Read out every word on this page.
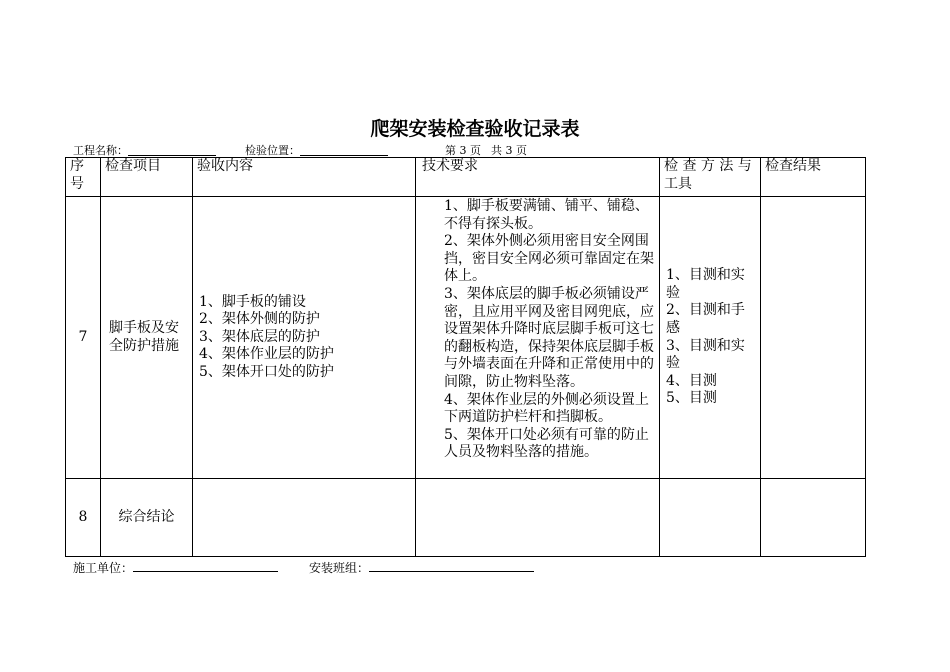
爬架安装检查验收记录表
工程名称：	检验位置：	第 3 页 共 3 页
序号	检查项目	验收内容	技术要求	检 查 方 法 与 工具	检查结果
7	脚手板及安全防护措施	1、脚手板的铺设
2、架体外侧的防护
3、架体底层的防护
4、架体作业层的防护
5、架体开口处的防护	1、脚手板要满铺、铺平、铺稳、不得有探头板。
2、架体外侧必须用密目安全网围挡，密目安全网必须可靠固定在架体上。
3、架体底层的脚手板必须铺设严密，且应用平网及密目网兜底，应设置架体升降时底层脚手板可这七的翻板构造，保持架体底层脚手板与外墙表面在升降和正常使用中的间隙，防止物料坠落。
4、架体作业层的外侧必须设置上下两道防护栏杆和挡脚板。
5、架体开口处必须有可靠的防止人员及物料坠落的措施。	1、目测和实验
2、目测和手感
3、目测和实验
4、目测
5、目测	
8	综合结论				
施工单位：	安装班组：
